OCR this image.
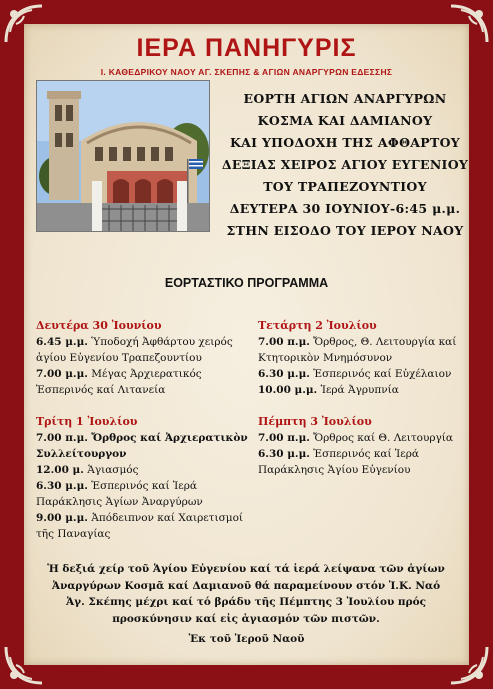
ΙΕΡΑ ΠΑΝΗΓΥΡΙΣ
Ι. ΚΑΘΕΔΡΙΚΟΥ ΝΑΟΥ ΑΓ. ΣΚΕΠΗΣ & ΑΓΙΩΝ ΑΝΑΡΓΥΡΩΝ ΕΔΕΣΣΗΣ
ΕΟΡΤΗ ΑΓΙΩΝ ΑΝΑΡΓΥΡΩΝ
ΚΟΣΜΑ ΚΑΙ ΔΑΜΙΑΝΟΥ
ΚΑΙ ΥΠΟΔΟΧΗ ΤΗΣ ΑΦΘΑΡΤΟΥ
ΔΕΞΙΑΣ ΧΕΙΡΟΣ ΑΓΙΟΥ ΕΥΓΕΝΙΟΥ
ΤΟΥ ΤΡΑΠΕΖΟΥΝΤΙΟΥ
ΔΕΥΤΕΡΑ 30 ΙΟΥΝΙΟΥ-6:45 μ.μ.
ΣΤΗΝ ΕΙΣΟΔΟ ΤΟΥ ΙΕΡΟΥ ΝΑΟΥ
ΕΟΡΤΑΣΤΙΚΟ ΠΡΟΓΡΑΜΜΑ
Δευτέρα 30 Ἰουνίου
6.45 μ.μ. Ὑποδοχή Ἀφθάρτου χειρός
ἁγίου Εὐγενίου Τραπεζουντίου
7.00 μ.μ. Μέγας Ἀρχιερατικός
Ἑσπερινός καί Λιτανεία
Τρίτη 1 Ἰουλίου
7.00 π.μ. Ὄρθρος καί Ἀρχιερατικὸν
Συλλείτουργον
12.00 μ. Ἁγιασμός
6.30 μ.μ. Ἑσπερινός καί Ἱερά
Παράκλησις Ἁγίων Ἀναργύρων
9.00 μ.μ. Ἀπόδειπνον καί Χαιρετισμοί
τῆς Παναγίας
Τετάρτη 2 Ἰουλίου
7.00 π.μ. Ὄρθρος, Θ. Λειτουργία καί
Κτητορικὸν Μνημόσυνον
6.30 μ.μ. Ἑσπερινός καί Εὐχέλαιον
10.00 μ.μ. Ἱερά Ἀγρυπνία
Πέμπτη 3 Ἰουλίου
7.00 π.μ. Ὄρθρος καί Θ. Λειτουργία
6.30 μ.μ. Ἑσπερινός καί Ἱερά
Παράκλησις Ἁγίου Εὐγενίου
Ἡ δεξιά χείρ τοῦ Ἁγίου Εὐγενίου καί τά ἱερά λείψανα τῶν ἁγίων
Ἀναργύρων Κοσμᾶ καί Δαμιανοῦ θά παραμείνουν στόν Ἱ.Κ. Ναό
Ἁγ. Σκέπης μέχρι καί τό βράδυ τῆς Πέμπτης 3 Ἰουλίου πρός
προσκύνησιν καί εἰς ἁγιασμόν τῶν πιστῶν.
Ἐκ τοῦ Ἱεροῦ Ναοῦ
